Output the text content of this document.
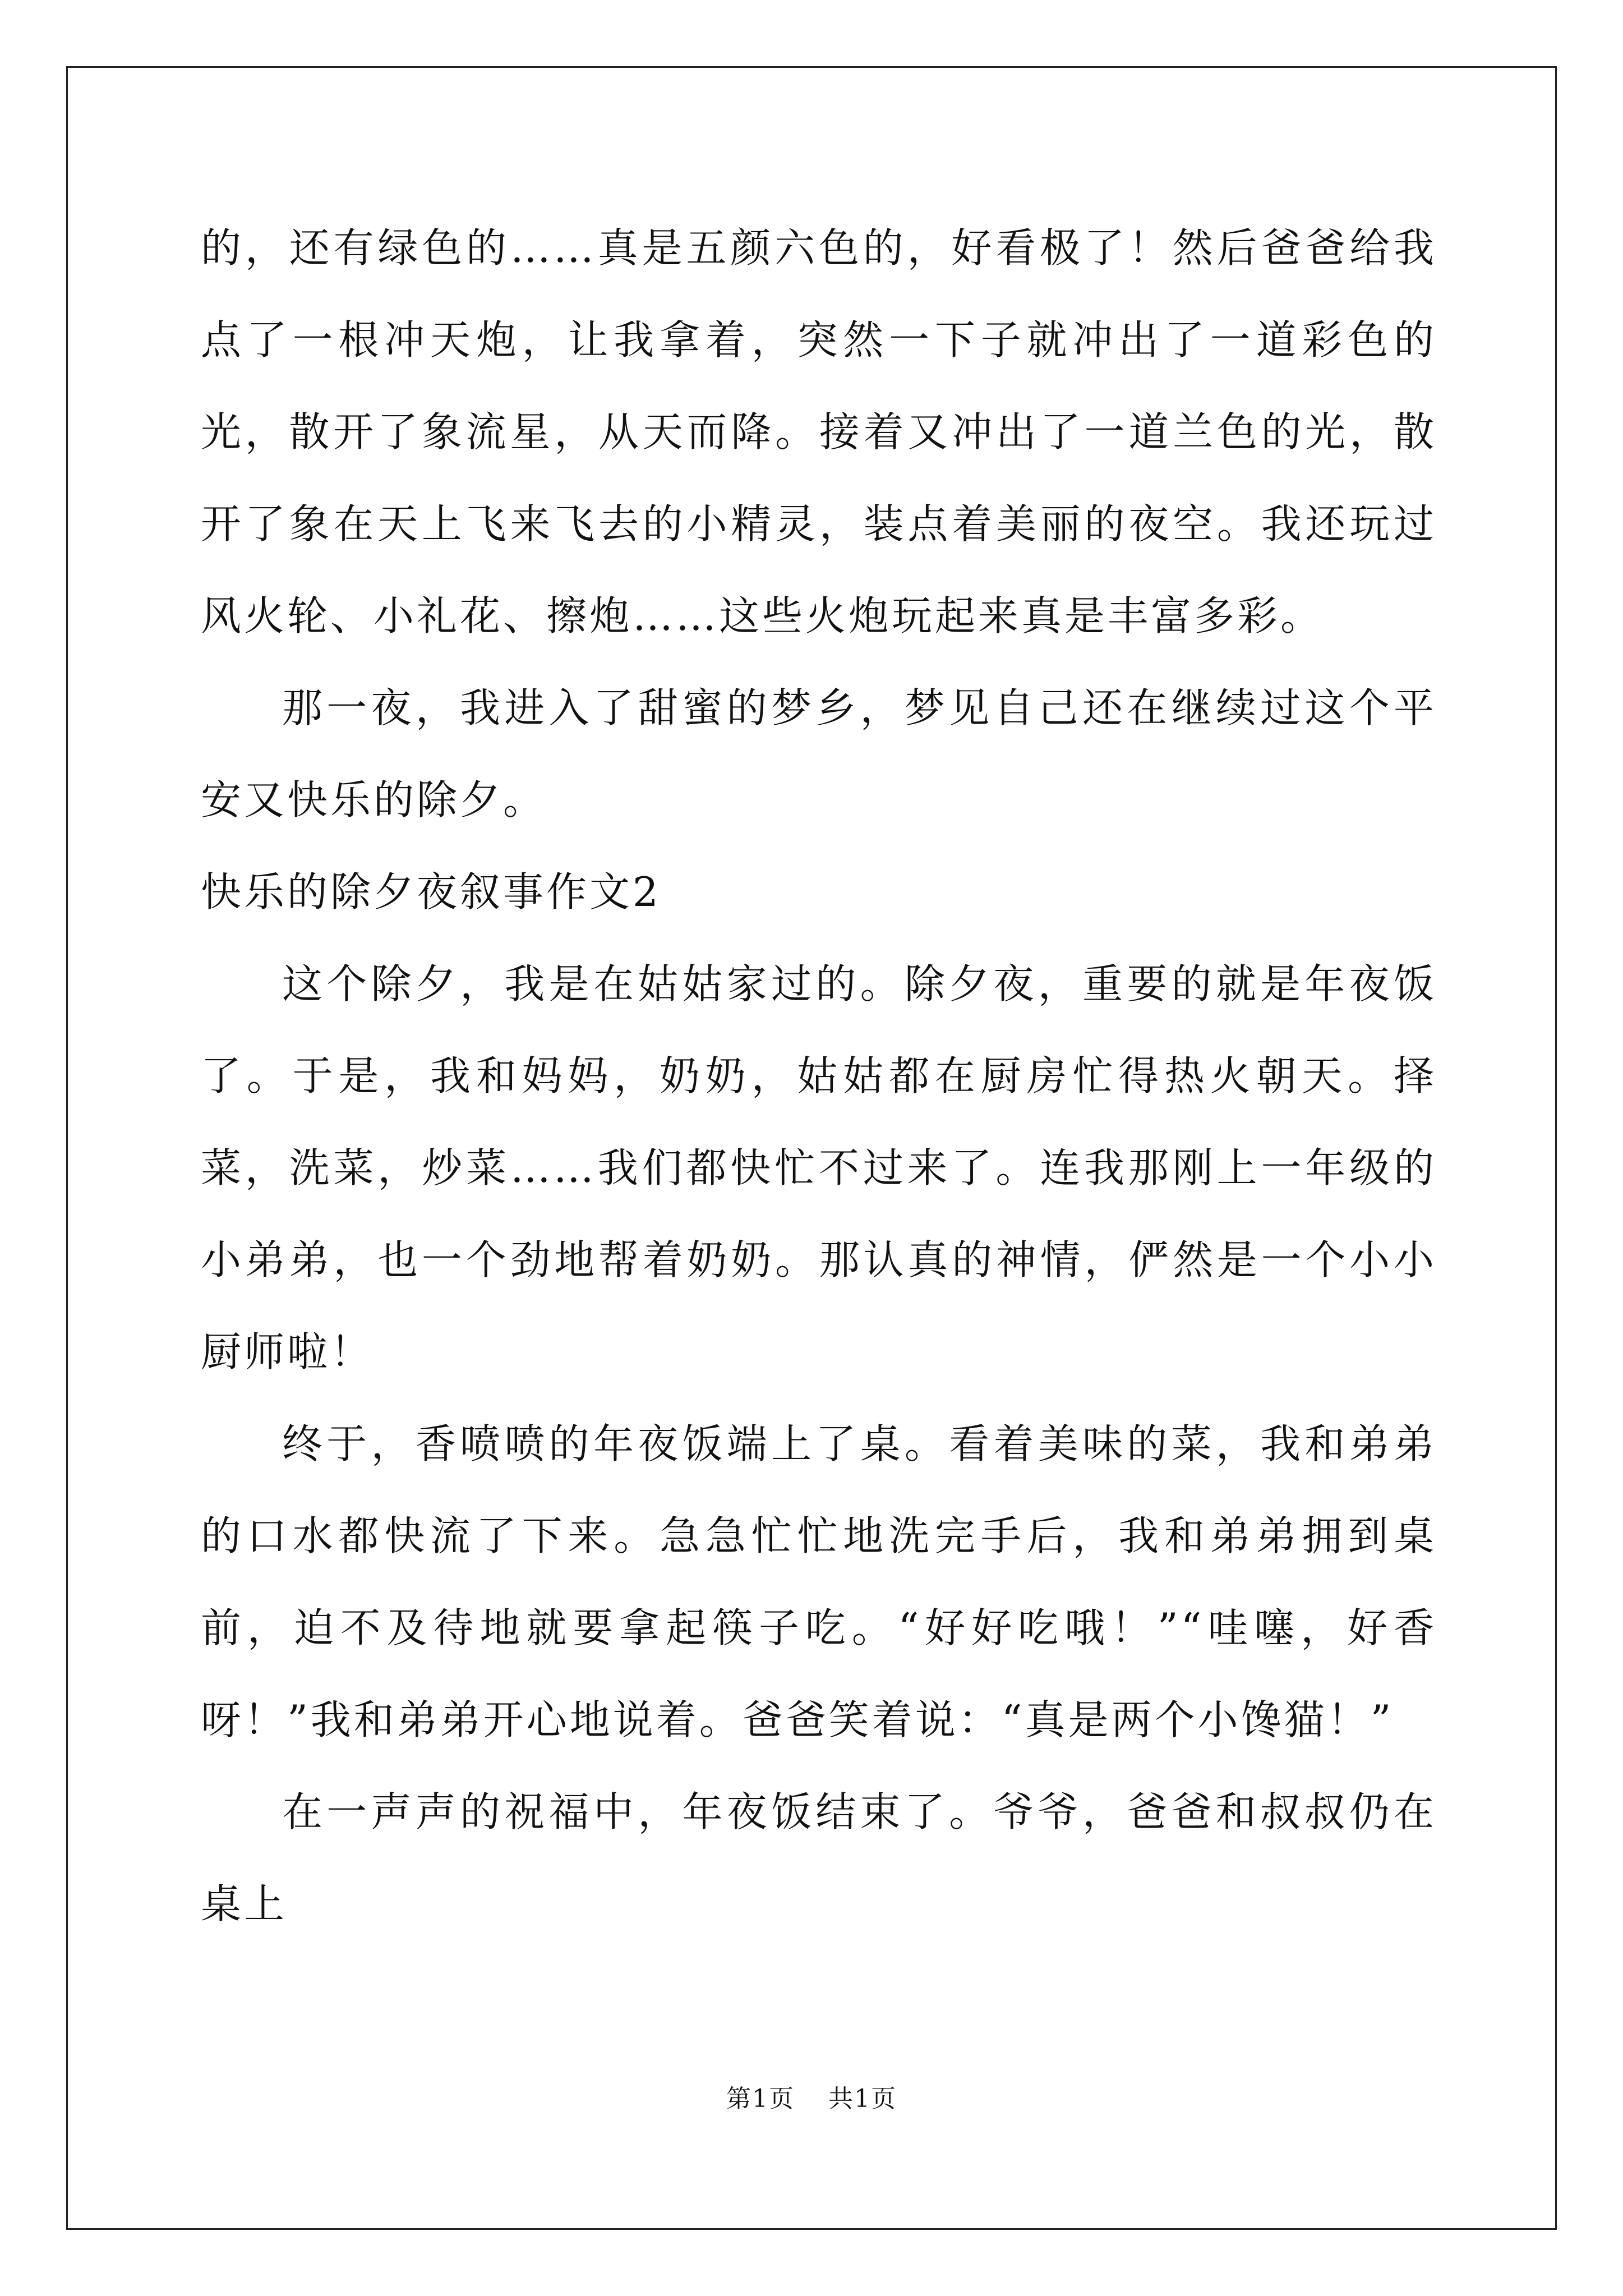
的，还有绿色的……真是五颜六色的，好看极了！然后爸爸给我点了一根冲天炮，让我拿着，突然一下子就冲出了一道彩色的光，散开了象流星，从天而降。接着又冲出了一道兰色的光，散开了象在天上飞来飞去的小精灵，装点着美丽的夜空。我还玩过风火轮、小礼花、擦炮……这些火炮玩起来真是丰富多彩。

那一夜，我进入了甜蜜的梦乡，梦见自己还在继续过这个平安又快乐的除夕。

快乐的除夕夜叙事作文2

这个除夕，我是在姑姑家过的。除夕夜，重要的就是年夜饭了。于是，我和妈妈，奶奶，姑姑都在厨房忙得热火朝天。择菜，洗菜，炒菜……我们都快忙不过来了。连我那刚上一年级的小弟弟，也一个劲地帮着奶奶。那认真的神情，俨然是一个小小厨师啦！

终于，香喷喷的年夜饭端上了桌。看着美味的菜，我和弟弟的口水都快流了下来。急急忙忙地洗完手后，我和弟弟拥到桌前，迫不及待地就要拿起筷子吃。“好好吃哦！”“哇噻，好香呀！”我和弟弟开心地说着。爸爸笑着说：“真是两个小馋猫！”

在一声声的祝福中，年夜饭结束了。爷爷，爸爸和叔叔仍在桌上

第1页 共1页
